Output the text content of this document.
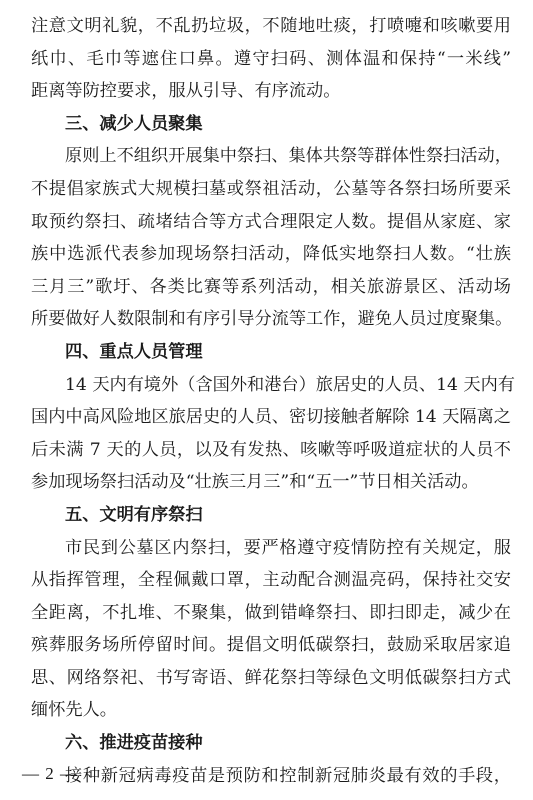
注意文明礼貌，不乱扔垃圾，不随地吐痰，打喷嚏和咳嗽要用
纸巾、毛巾等遮住口鼻。遵守扫码、测体温和保持“一米线”
距离等防控要求，服从引导、有序流动。
三、减少人员聚集
原则上不组织开展集中祭扫、集体共祭等群体性祭扫活动，
不提倡家族式大规模扫墓或祭祖活动，公墓等各祭扫场所要采
取预约祭扫、疏堵结合等方式合理限定人数。提倡从家庭、家
族中选派代表参加现场祭扫活动，降低实地祭扫人数。“壮族
三月三”歌圩、各类比赛等系列活动，相关旅游景区、活动场
所要做好人数限制和有序引导分流等工作，避免人员过度聚集。
四、重点人员管理
14 天内有境外（含国外和港台）旅居史的人员、14 天内有
国内中高风险地区旅居史的人员、密切接触者解除 14 天隔离之
后未满 7 天的人员，以及有发热、咳嗽等呼吸道症状的人员不
参加现场祭扫活动及“壮族三月三”和“五一”节日相关活动。
五、文明有序祭扫
市民到公墓区内祭扫，要严格遵守疫情防控有关规定，服
从指挥管理，全程佩戴口罩，主动配合测温亮码，保持社交安
全距离，不扎堆、不聚集，做到错峰祭扫、即扫即走，减少在
殡葬服务场所停留时间。提倡文明低碳祭扫，鼓励采取居家追
思、网络祭祀、书写寄语、鲜花祭扫等绿色文明低碳祭扫方式
缅怀先人。
六、推进疫苗接种
接种新冠病毒疫苗是预防和控制新冠肺炎最有效的手段，
— 2 —
